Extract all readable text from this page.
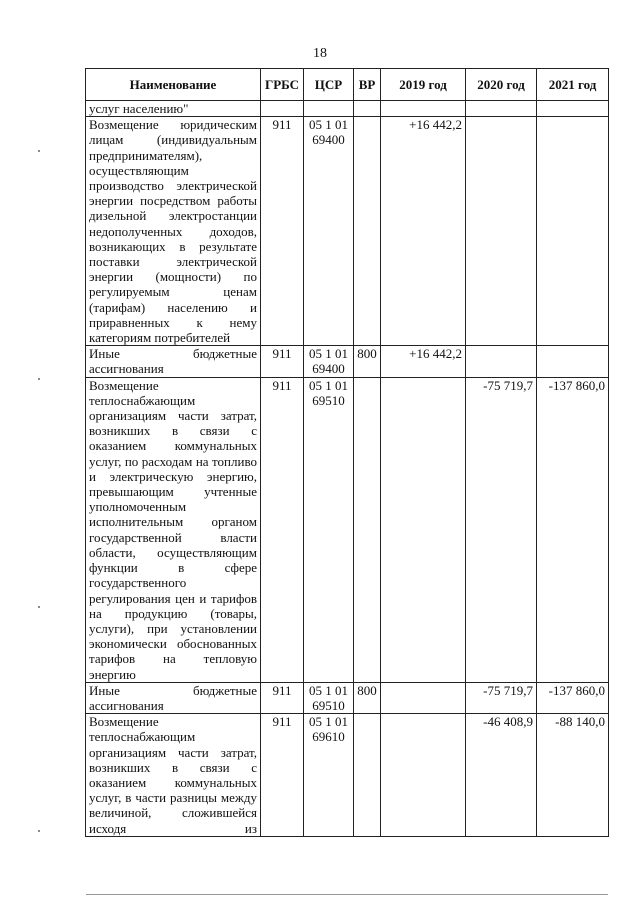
18
Наименование	ГРБС	ЦСР	ВР	2019 год	2020 год	2021 год
услуг населению"						
Возмещение юридическим лицам (индивидуальным предпринимателям), осуществляющим производство электрической энергии посредством работы дизельной электростанции недополученных доходов, возникающих в результате поставки электрической энергии (мощности) по регулируемым ценам (тарифам) населению и приравненных к нему категориям потребителей	911	05 1 01 69400		+16 442,2		
Иные бюджетные ассигнования	911	05 1 01 69400	800	+16 442,2		
Возмещение теплоснабжающим организациям части затрат, возникших в связи с оказанием коммунальных услуг, по расходам на топливо и электрическую энергию, превышающим учтенные уполномоченным исполнительным органом государственной власти области, осуществляющим функции в сфере государственного регулирования цен и тарифов на продукцию (товары, услуги), при установлении экономически обоснованных тарифов на тепловую энергию	911	05 1 01 69510			-75 719,7	-137 860,0
Иные бюджетные ассигнования	911	05 1 01 69510	800		-75 719,7	-137 860,0
Возмещение теплоснабжающим организациям части затрат, возникших в связи с оказанием коммунальных услуг, в части разницы между величиной, сложившейся исходя из	911	05 1 01 69610			-46 408,9	-88 140,0
